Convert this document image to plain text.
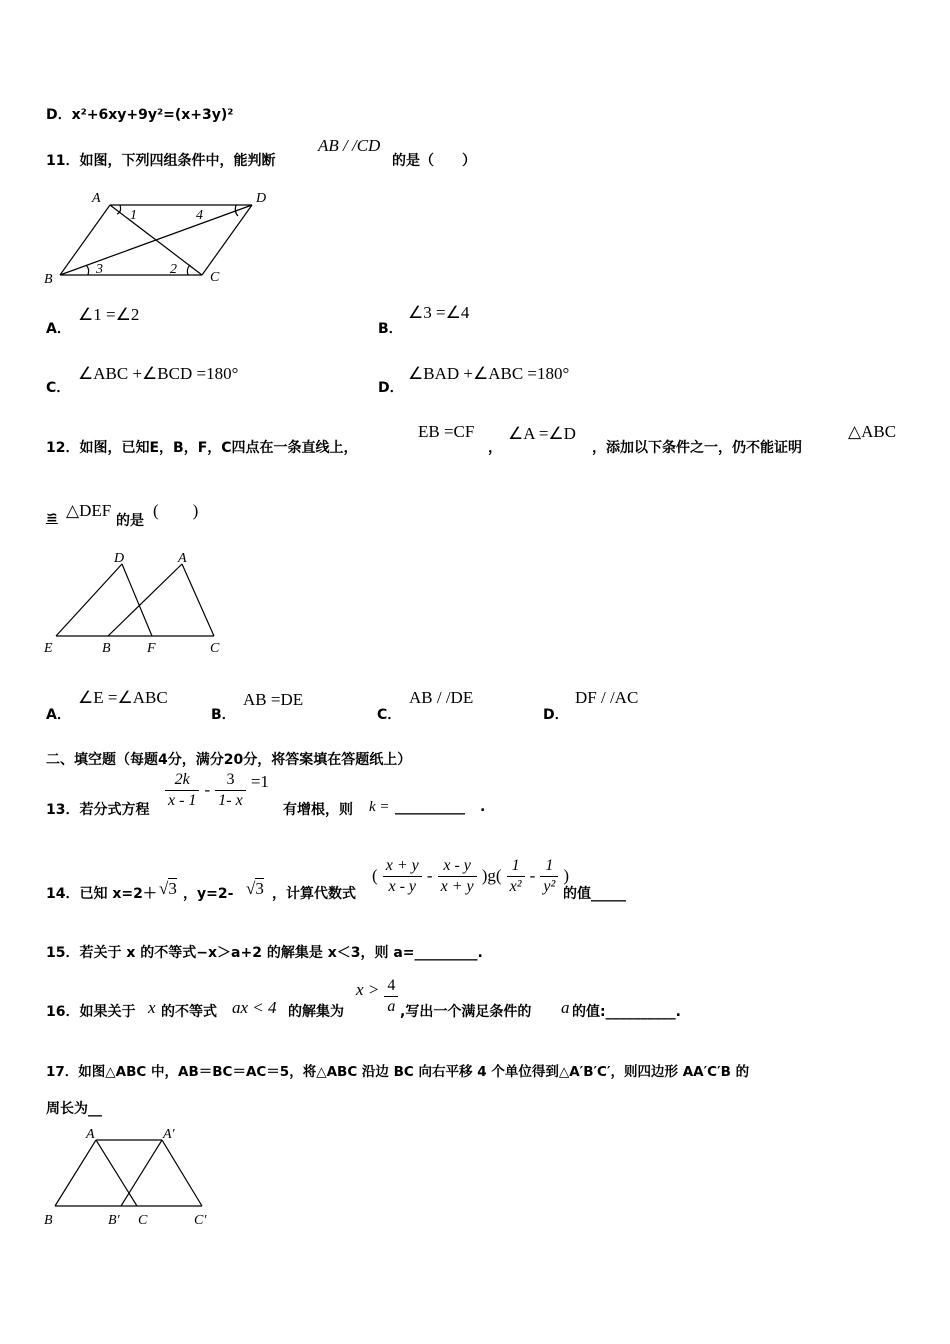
D．x²+6xy+9y²=(x+3y)²
11．如图，下列四组条件中，能判断
AB / /CD
的是（　　）
A	D
B	C
1	4
3	2
A．
∠1 =∠2
B．
∠3 =∠4
C．
∠ABC +∠BCD =180°
D．
∠BAD +∠ABC =180°
12．如图，已知E，B，F，C四点在一条直线上，
EB =CF
，
∠A =∠D
，添加以下条件之一，仍不能证明
△ABC
≌ △DEF
的是
(　　)
E	B	F	C
D	A
A．
∠E =∠ABC
B．
AB =DE
C．
AB / /DE
D．
DF / /AC
二、填空题（每题4分，满分20分，将答案填在答题纸上）
13．若分式方程 $\frac{2k}{x - 1} - \frac{3}{1- x} =1$
有增根，则 k = __________ .
14．已知 x=2＋ √3 ，y=2- √3 ，计算代数式
( $\frac{x + y}{x - y} - \frac{x - y}{x + y} )g( \frac{1}{\text{x²}} - \frac{1}{\text{y²}}$ )
的值_____
15．若关于 x 的不等式−x＞a+2 的解集是 x＜3，则 a=_________.
16．如果关于 x 的不等式 ax < 4 的解集为
$x > \frac{4}{a}$ ,写出一个满足条件的 a 的值:__________.
17．如图△ABC 中，AB＝BC＝AC＝5，将△ABC 沿边 BC 向右平移 4 个单位得到△A′B′C′，则四边形 AA′C′B 的
周长为__
A	A′
B	B′ C	C′
